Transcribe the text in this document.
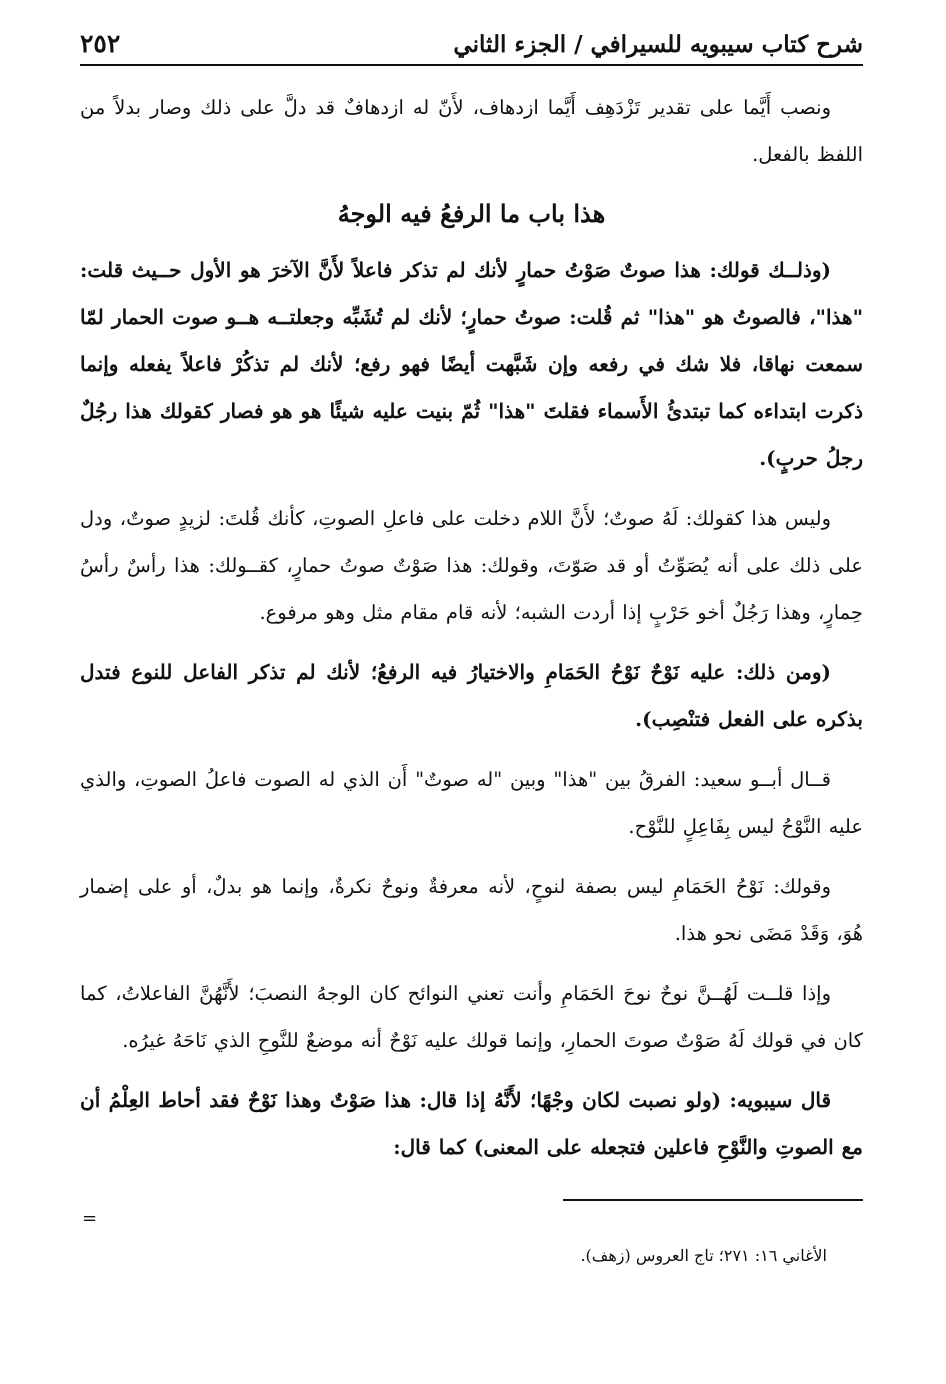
شرح كتاب سيبويه للسيرافي / الجزء الثاني
٢٥٢

ونصب أَيَّما على تقدير تَزْدَهِف أَيَّما ازدهاف، لأَنّ له ازدهافٌ قد دلَّ على ذلك وصار بدلاً من اللفظ بالفعل.

هذا باب ما الرفعُ فيه الوجهُ

(وذلــك قولك: هذا صوتٌ صَوْتُ حمارٍ لأنك لم تذكر فاعلاً لأَنَّ الآخرَ هو الأول حــيث قلت: "هذا"، فالصوتُ هو "هذا" ثم قُلت: صوتُ حمارٍ؛ لأنك لم تُشَبِّه وجعلتــه هــو صوت الحمار لمّا سمعت نهاقا، فلا شك في رفعه وإن شَبَّهت أيضًا فهو رفع؛ لأنك لم تذكُرْ فاعلاً يفعله وإنما ذكرت ابتداءه كما تبتدئُ الأَسماء فقلتَ "هذا" ثُمّ بنيت عليه شيئًا هو هو فصار كقولك هذا رجُلٌ رجلُ حربٍ).

وليس هذا كقولك: لَهُ صوتٌ؛ لأَنَّ اللام دخلت على فاعلِ الصوتِ، كأنك قُلتَ: لزيدٍ صوتٌ، ودل على ذلك على أنه يُصَوِّتُ أو قد صَوّتَ، وقولك: هذا صَوْتٌ صوتُ حمارٍ، كقــولك: هذا رأسٌ رأسُ حِمارٍ، وهذا رَجُلٌ أخو حَرْبٍ إذا أردت الشبه؛ لأنه قام مقام مثل وهو مرفوع.

(ومن ذلك: عليه نَوْحٌ نَوْحُ الحَمَامِ والاختيارُ فيه الرفعُ؛ لأنك لم تذكر الفاعل للنوع فتدل بذكره على الفعل فتنْصِب).

قــال أبــو سعيد: الفرقُ بين "هذا" وبين "له صوتٌ" أَن الذي له الصوت فاعلُ الصوتِ، والذي عليه النَّوْحُ ليس بِفَاعِلٍ للنَّوْح.

وقولك: نَوْحُ الحَمَامِ ليس بصفة لنوحٍ، لأنه معرفةٌ ونوحٌ نكرةٌ، وإنما هو بدلٌ، أو على إضمار هُوَ، وَقَدْ مَضَى نحو هذا.

وإذا قلــت لَهُــنَّ نوحٌ نوحَ الحَمَامِ وأنت تعني النوائح كان الوجهُ النصبَ؛ لأَنَّهُنَّ الفاعلاتُ، كما كان في قولك لَهُ صَوْتٌ صوتَ الحمارِ، وإنما قولك عليه نَوْحٌ أنه موضعٌ للنَّوحِ الذي نَاحَهُ غيرُه.

قال سيبويه: (ولو نصبت لكان وجْهًا؛ لأَنَّهُ إذا قال: هذا صَوْتٌ وهذا نَوْحٌ فقد أحاط العِلْمُ أن مع الصوتِ والنَّوْحِ فاعلين فتجعله على المعنى) كما قال:

=
الأغاني ١٦: ٢٧١؛ تاج العروس (زهف).
